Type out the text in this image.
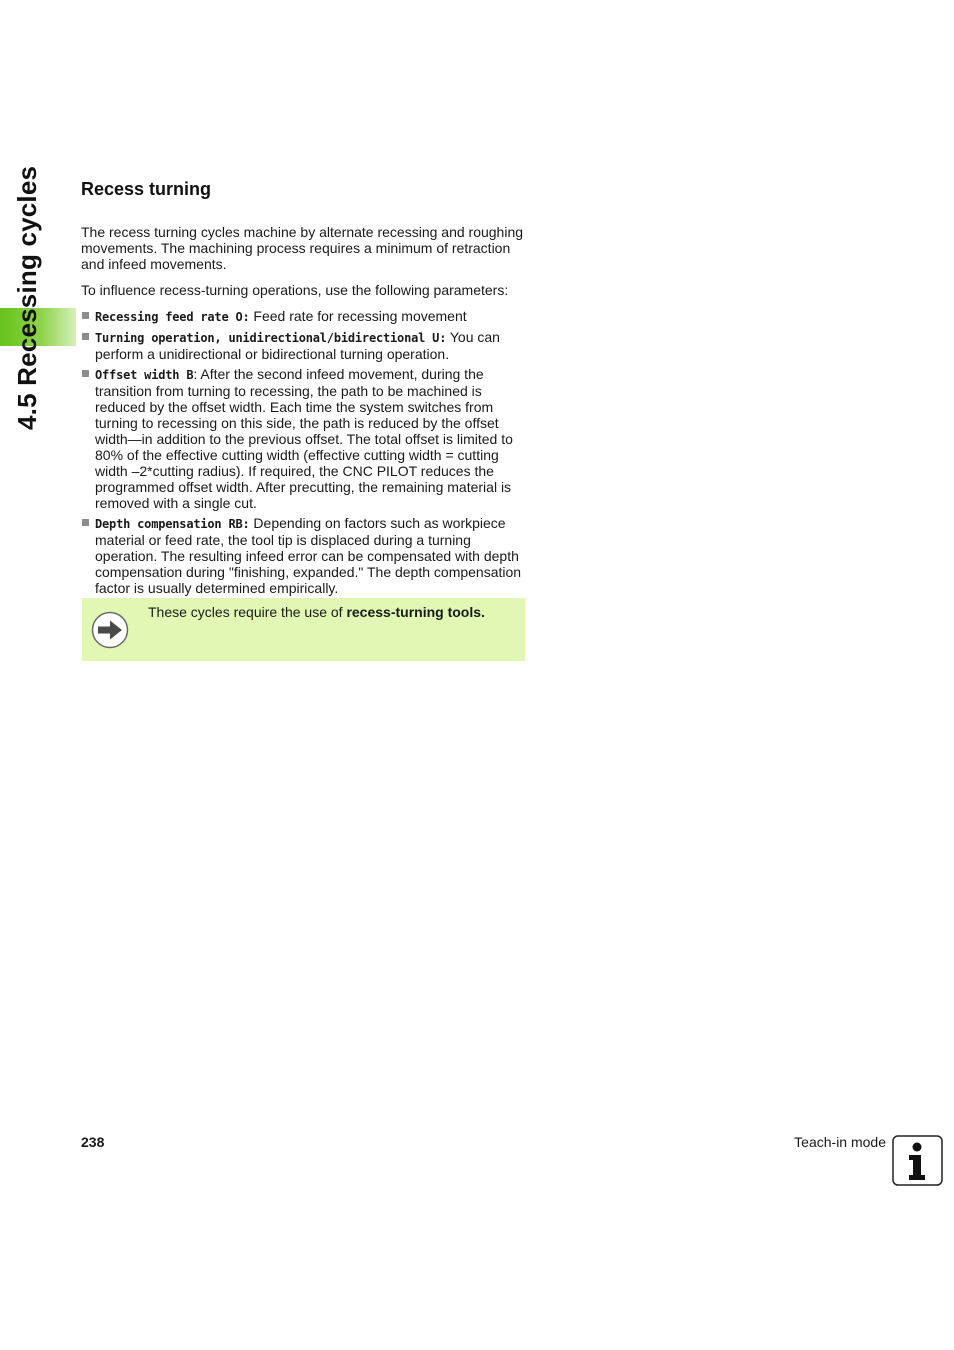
4.5 Recessing cycles Recess turning

The recess turning cycles machine by alternate recessing and roughing movements. The machining process requires a minimum of retraction and infeed movements.

To influence recess-turning operations, use the following parameters:

Recessing feed rate O: Feed rate for recessing movement
Turning operation, unidirectional/bidirectional U: You can perform a unidirectional or bidirectional turning operation.
Offset width B: After the second infeed movement, during the transition from turning to recessing, the path to be machined is reduced by the offset width. Each time the system switches from turning to recessing on this side, the path is reduced by the offset width—in addition to the previous offset. The total offset is limited to 80% of the effective cutting width (effective cutting width = cutting width –2*cutting radius). If required, the CNC PILOT reduces the programmed offset width. After precutting, the remaining material is removed with a single cut.
Depth compensation RB: Depending on factors such as workpiece material or feed rate, the tool tip is displaced during a turning operation. The resulting infeed error can be compensated with depth compensation during "finishing, expanded." The depth compensation factor is usually determined empirically.
These cycles require the use of recess-turning tools.
238	Teach-in mode
